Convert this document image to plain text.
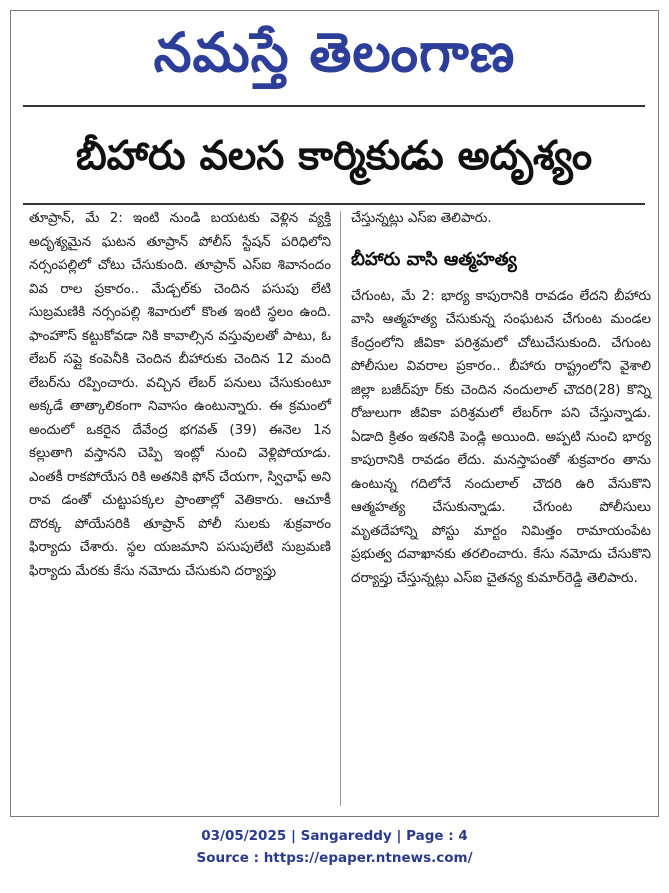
నమస్తే తెలంగాణ
బీహారు వలస కార్మికుడు అదృశ్యం

తూప్రాన్, మే 2: ఇంటి నుండి బయటకు వెళ్లిన వ్యక్తి అదృశ్యమైన ఘటన తూప్రాన్ పోలీస్ స్టేషన్ పరిధిలోని నర్సంపల్లిలో చోటు చేసుకుంది. తూప్రాన్ ఎస్ఐ శివానందం వివ రాల ప్రకారం.. మేడ్చల్‌కు చెందిన పసుపు లేటి సుబ్రమణికి నర్సంపల్లి శివారులో కొంత ఇంటి స్థలం ఉంది. ఫాంహౌస్ కట్టుకోవడా నికి కావాల్సిన వస్తువులతో పాటు, ఓ లేబర్ సప్లై కంపెనీకి చెందిన బీహారుకు చెందిన 12 మంది లేబర్‌ను రప్పించారు. వచ్చిన లేబర్ పనులు చేసుకుంటూ అక్కడే తాత్కాలికంగా నివాసం ఉంటున్నారు. ఈ క్రమంలో అందులో ఒకరైన దేవేంద్ర భగవత్ (39) ఈనెల 1న కల్లుతాగి వస్తానని చెప్పి ఇంట్లో నుంచి వెళ్లిపోయాడు. ఎంతకీ రాకపోయేస రికి అతనికి ఫోన్ చేయగా, స్విఛాఫ్ అని రావ డంతో చుట్టుపక్కల ప్రాంతాల్లో వెతికారు. ఆచూకీ దొరక్క పోయేసరికి తూప్రాన్ పోలీ సులకు శుక్రవారం ఫిర్యాదు చేశారు. స్థల యజమాని పసుపులేటి సుబ్రమణి ఫిర్యాదు మేరకు కేసు నమోదు చేసుకుని దర్యాప్తు

చేస్తున్నట్లు ఎస్ఐ తెలిపారు.

బీహారు వాసి ఆత్మహత్య

చేగుంట, మే 2: భార్య కాపురానికి రావడం లేదని బీహారు వాసి ఆత్మహత్య చేసుకున్న సంఘటన చేగుంట మండల కేంద్రంలోని జీవికా పరిశ్రమలో చోటుచేసుకుంది. చేగుంట పోలీసుల వివరాల ప్రకారం.. బీహారు రాష్ట్రంలోని వైశాలి జిల్లా బజీద్‌పూ ర్‌కు చెందిన నందులాల్ చౌదరి(28) కొన్ని రోజులుగా జీవికా పరిశ్రమలో లేబర్‌గా పని చేస్తున్నాడు. ఏడాది క్రితం ఇతనికి పెండ్లి అయింది. అప్పటి నుంచి భార్య కాపురానికి రావడం లేదు. మనస్తాపంతో శుక్రవారం తాను ఉంటున్న గదిలోనే నందులాల్ చౌదరి ఉరి వేసుకొని ఆత్మహత్య చేసుకున్నాడు. చేగుంట పోలీసులు మృతదేహాన్ని పోస్టు మార్టం నిమిత్తం రామాయంపేట ప్రభుత్వ దవాఖానకు తరలించారు. కేసు నమోదు చేసుకొని దర్యాప్తు చేస్తున్నట్లు ఎస్ఐ చైతన్య కుమార్‌రెడ్డి తెలిపారు.

03/05/2025 | Sangareddy | Page : 4
Source : https://epaper.ntnews.com/
